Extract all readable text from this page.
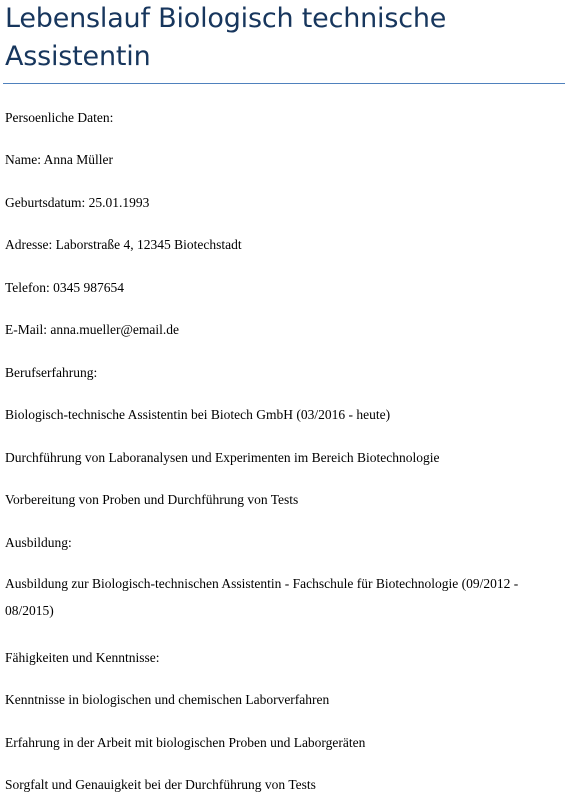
Lebenslauf Biologisch technische Assistentin

Persoenliche Daten:

Name: Anna Müller

Geburtsdatum: 25.01.1993

Adresse: Laborstraße 4, 12345 Biotechstadt

Telefon: 0345 987654

E-Mail: anna.mueller@email.de

Berufserfahrung:

Biologisch-technische Assistentin bei Biotech GmbH (03/2016 - heute)

Durchführung von Laboranalysen und Experimenten im Bereich Biotechnologie

Vorbereitung von Proben und Durchführung von Tests

Ausbildung:

Ausbildung zur Biologisch-technischen Assistentin - Fachschule für Biotechnologie (09/2012 - 08/2015)

Fähigkeiten und Kenntnisse:

Kenntnisse in biologischen und chemischen Laborverfahren

Erfahrung in der Arbeit mit biologischen Proben und Laborgeräten

Sorgfalt und Genauigkeit bei der Durchführung von Tests
